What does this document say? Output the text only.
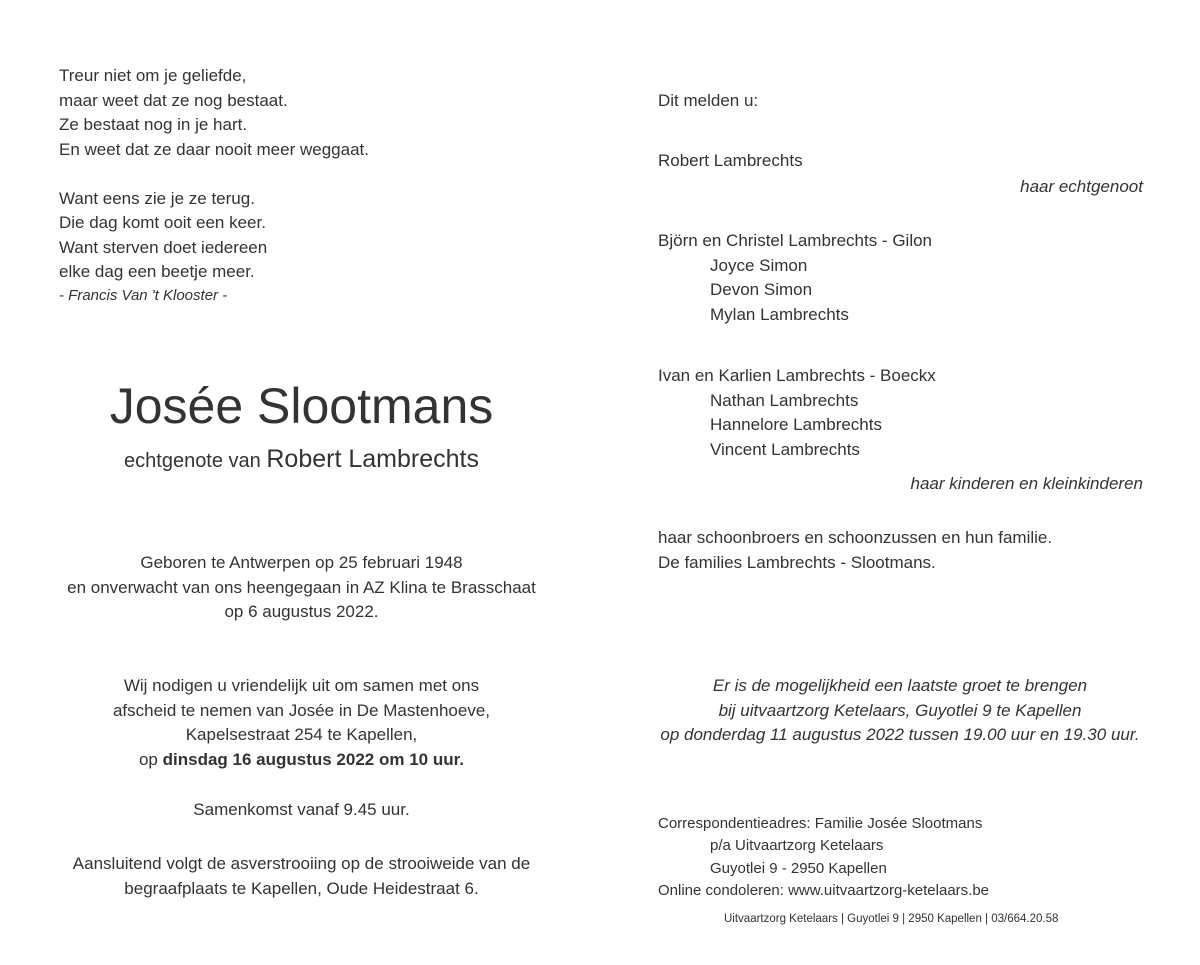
Treur niet om je geliefde,
maar weet dat ze nog bestaat.
Ze bestaat nog in je hart.
En weet dat ze daar nooit meer weggaat.
Want eens zie je ze terug.
Die dag komt ooit een keer.
Want sterven doet iedereen
elke dag een beetje meer.
- Francis Van 't Klooster -
Josée Slootmans
echtgenote van Robert Lambrechts
Geboren te Antwerpen op 25 februari 1948
en onverwacht van ons heengegaan in AZ Klina te Brasschaat
op 6 augustus 2022.
Wij nodigen u vriendelijk uit om samen met ons
afscheid te nemen van Josée in De Mastenhoeve,
Kapelsestraat 254 te Kapellen,
op dinsdag 16 augustus 2022 om 10 uur.
Samenkomst vanaf 9.45 uur.
Aansluitend volgt de asverstrooiing op de strooiweide van de
begraafplaats te Kapellen, Oude Heidestraat 6.
Dit melden u:
Robert Lambrechts
haar echtgenoot
Björn en Christel Lambrechts - Gilon
Joyce Simon
Devon Simon
Mylan Lambrechts
Ivan en Karlien Lambrechts - Boeckx
Nathan Lambrechts
Hannelore Lambrechts
Vincent Lambrechts
haar kinderen en kleinkinderen
haar schoonbroers en schoonzussen en hun familie.
De families Lambrechts - Slootmans.
Er is de mogelijkheid een laatste groet te brengen
bij uitvaartzorg Ketelaars, Guyotlei 9 te Kapellen
op donderdag 11 augustus 2022 tussen 19.00 uur en 19.30 uur.
Correspondentieadres: Familie Josée Slootmans
p/a Uitvaartzorg Ketelaars
Guyotlei 9 - 2950 Kapellen
Online condoleren: www.uitvaartzorg-ketelaars.be
Uitvaartzorg Ketelaars | Guyotlei 9 | 2950 Kapellen | 03/664.20.58
